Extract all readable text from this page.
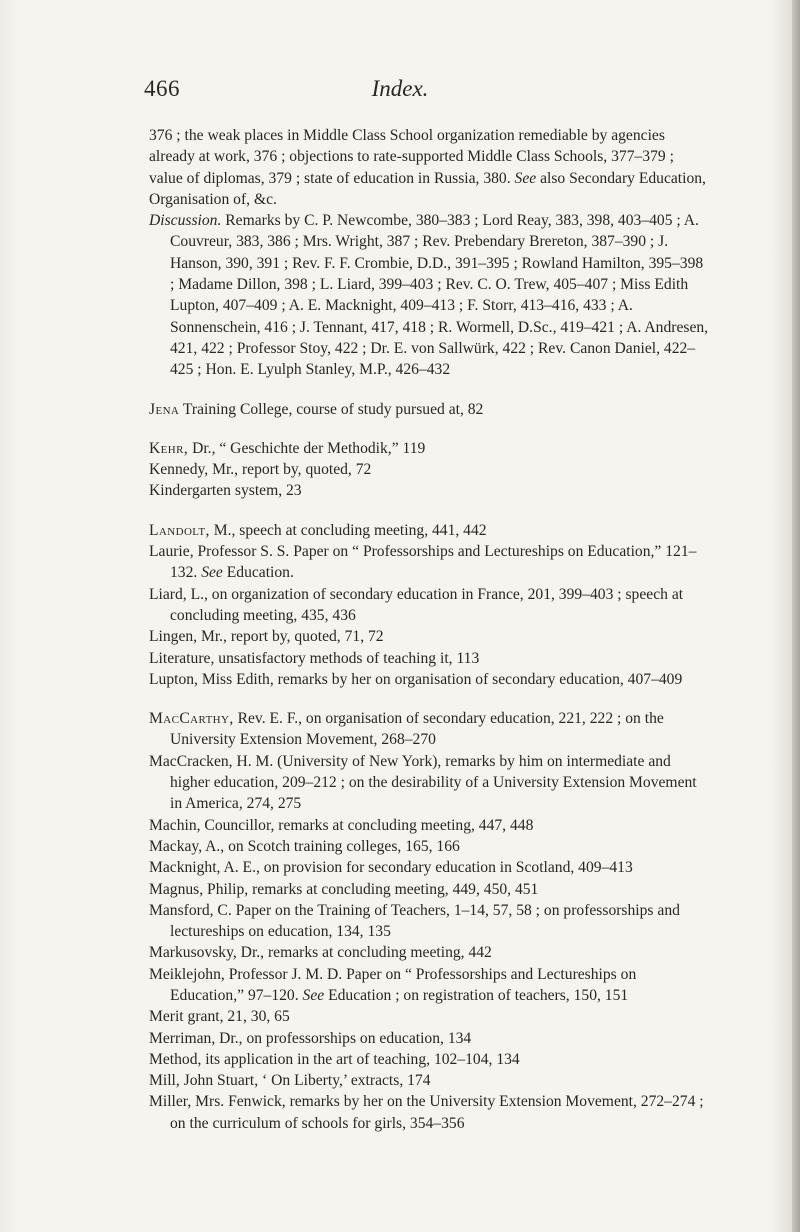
466	Index.

376 ; the weak places in Middle Class School organization remediable by agencies already at work, 376 ; objections to rate-supported Middle Class Schools, 377–379 ; value of diplomas, 379 ; state of education in Russia, 380. See also Secondary Education, Organisation of, &c.

Discussion. Remarks by C. P. Newcombe, 380–383 ; Lord Reay, 383, 398, 403–405 ; A. Couvreur, 383, 386 ; Mrs. Wright, 387 ; Rev. Prebendary Brereton, 387–390 ; J. Hanson, 390, 391 ; Rev. F. F. Crombie, D.D., 391–395 ; Rowland Hamilton, 395–398 ; Madame Dillon, 398 ; L. Liard, 399–403 ; Rev. C. O. Trew, 405–407 ; Miss Edith Lupton, 407–409 ; A. E. Macknight, 409–413 ; F. Storr, 413–416, 433 ; A. Sonnenschein, 416 ; J. Tennant, 417, 418 ; R. Wormell, D.Sc., 419–421 ; A. Andresen, 421, 422 ; Professor Stoy, 422 ; Dr. E. von Sallwürk, 422 ; Rev. Canon Daniel, 422–425 ; Hon. E. Lyulph Stanley, M.P., 426–432

Jena Training College, course of study pursued at, 82

Kehr, Dr., “ Geschichte der Methodik,” 119

Kennedy, Mr., report by, quoted, 72

Kindergarten system, 23

Landolt, M., speech at concluding meeting, 441, 442

Laurie, Professor S. S. Paper on “ Professorships and Lectureships on Education,” 121–132. See Education.

Liard, L., on organization of secondary education in France, 201, 399–403 ; speech at concluding meeting, 435, 436

Lingen, Mr., report by, quoted, 71, 72

Literature, unsatisfactory methods of teaching it, 113

Lupton, Miss Edith, remarks by her on organisation of secondary education, 407–409

MacCarthy, Rev. E. F., on organisation of secondary education, 221, 222 ; on the University Extension Movement, 268–270

MacCracken, H. M. (University of New York), remarks by him on intermediate and higher education, 209–212 ; on the desirability of a University Extension Movement in America, 274, 275

Machin, Councillor, remarks at concluding meeting, 447, 448

Mackay, A., on Scotch training colleges, 165, 166

Macknight, A. E., on provision for secondary education in Scotland, 409–413

Magnus, Philip, remarks at concluding meeting, 449, 450, 451

Mansford, C. Paper on the Training of Teachers, 1–14, 57, 58 ; on professorships and lectureships on education, 134, 135

Markusovsky, Dr., remarks at concluding meeting, 442

Meiklejohn, Professor J. M. D. Paper on “ Professorships and Lectureships on Education,” 97–120. See Education ; on registration of teachers, 150, 151

Merit grant, 21, 30, 65

Merriman, Dr., on professorships on education, 134

Method, its application in the art of teaching, 102–104, 134

Mill, John Stuart, ‘ On Liberty,’ extracts, 174

Miller, Mrs. Fenwick, remarks by her on the University Extension Movement, 272–274 ; on the curriculum of schools for girls, 354–356
